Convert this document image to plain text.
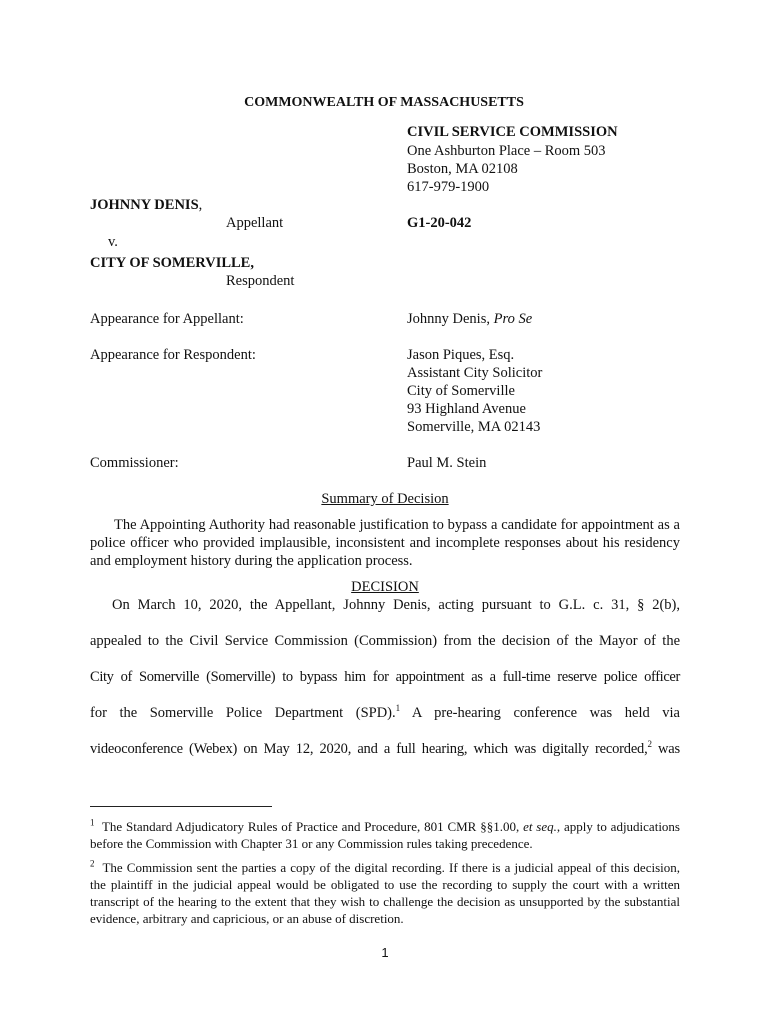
COMMONWEALTH OF MASSACHUSETTS
CIVIL SERVICE COMMISSION
One Ashburton Place – Room 503
Boston, MA 02108
617-979-1900
JOHNNY DENIS,
Appellant	G1-20-042
v.
CITY OF SOMERVILLE,
Respondent
Appearance for Appellant:	Johnny Denis, Pro Se
Appearance for Respondent:	Jason Piques, Esq.
Assistant City Solicitor
City of Somerville
93 Highland Avenue
Somerville, MA 02143
Commissioner:	Paul M. Stein
Summary of Decision
The Appointing Authority had reasonable justification to bypass a candidate for appointment as a police officer who provided implausible, inconsistent and incomplete responses about his residency and employment history during the application process.
DECISION
On March 10, 2020, the Appellant, Johnny Denis, acting pursuant to G.L. c. 31, § 2(b),
appealed to the Civil Service Commission (Commission) from the decision of the Mayor of the
City of Somerville (Somerville) to bypass him for appointment as a full-time reserve police officer
for the Somerville Police Department (SPD).$^1$ A pre-hearing conference was held via
videoconference (Webex) on May 12, 2020, and a full hearing, which was digitally recorded,$^2$ was
$^1$ The Standard Adjudicatory Rules of Practice and Procedure, 801 CMR §§1.00, et seq., apply to adjudications before the Commission with Chapter 31 or any Commission rules taking precedence.
$^2$ The Commission sent the parties a copy of the digital recording. If there is a judicial appeal of this decision, the plaintiff in the judicial appeal would be obligated to use the recording to supply the court with a written transcript of the hearing to the extent that they wish to challenge the decision as unsupported by the substantial evidence, arbitrary and capricious, or an abuse of discretion.
1
